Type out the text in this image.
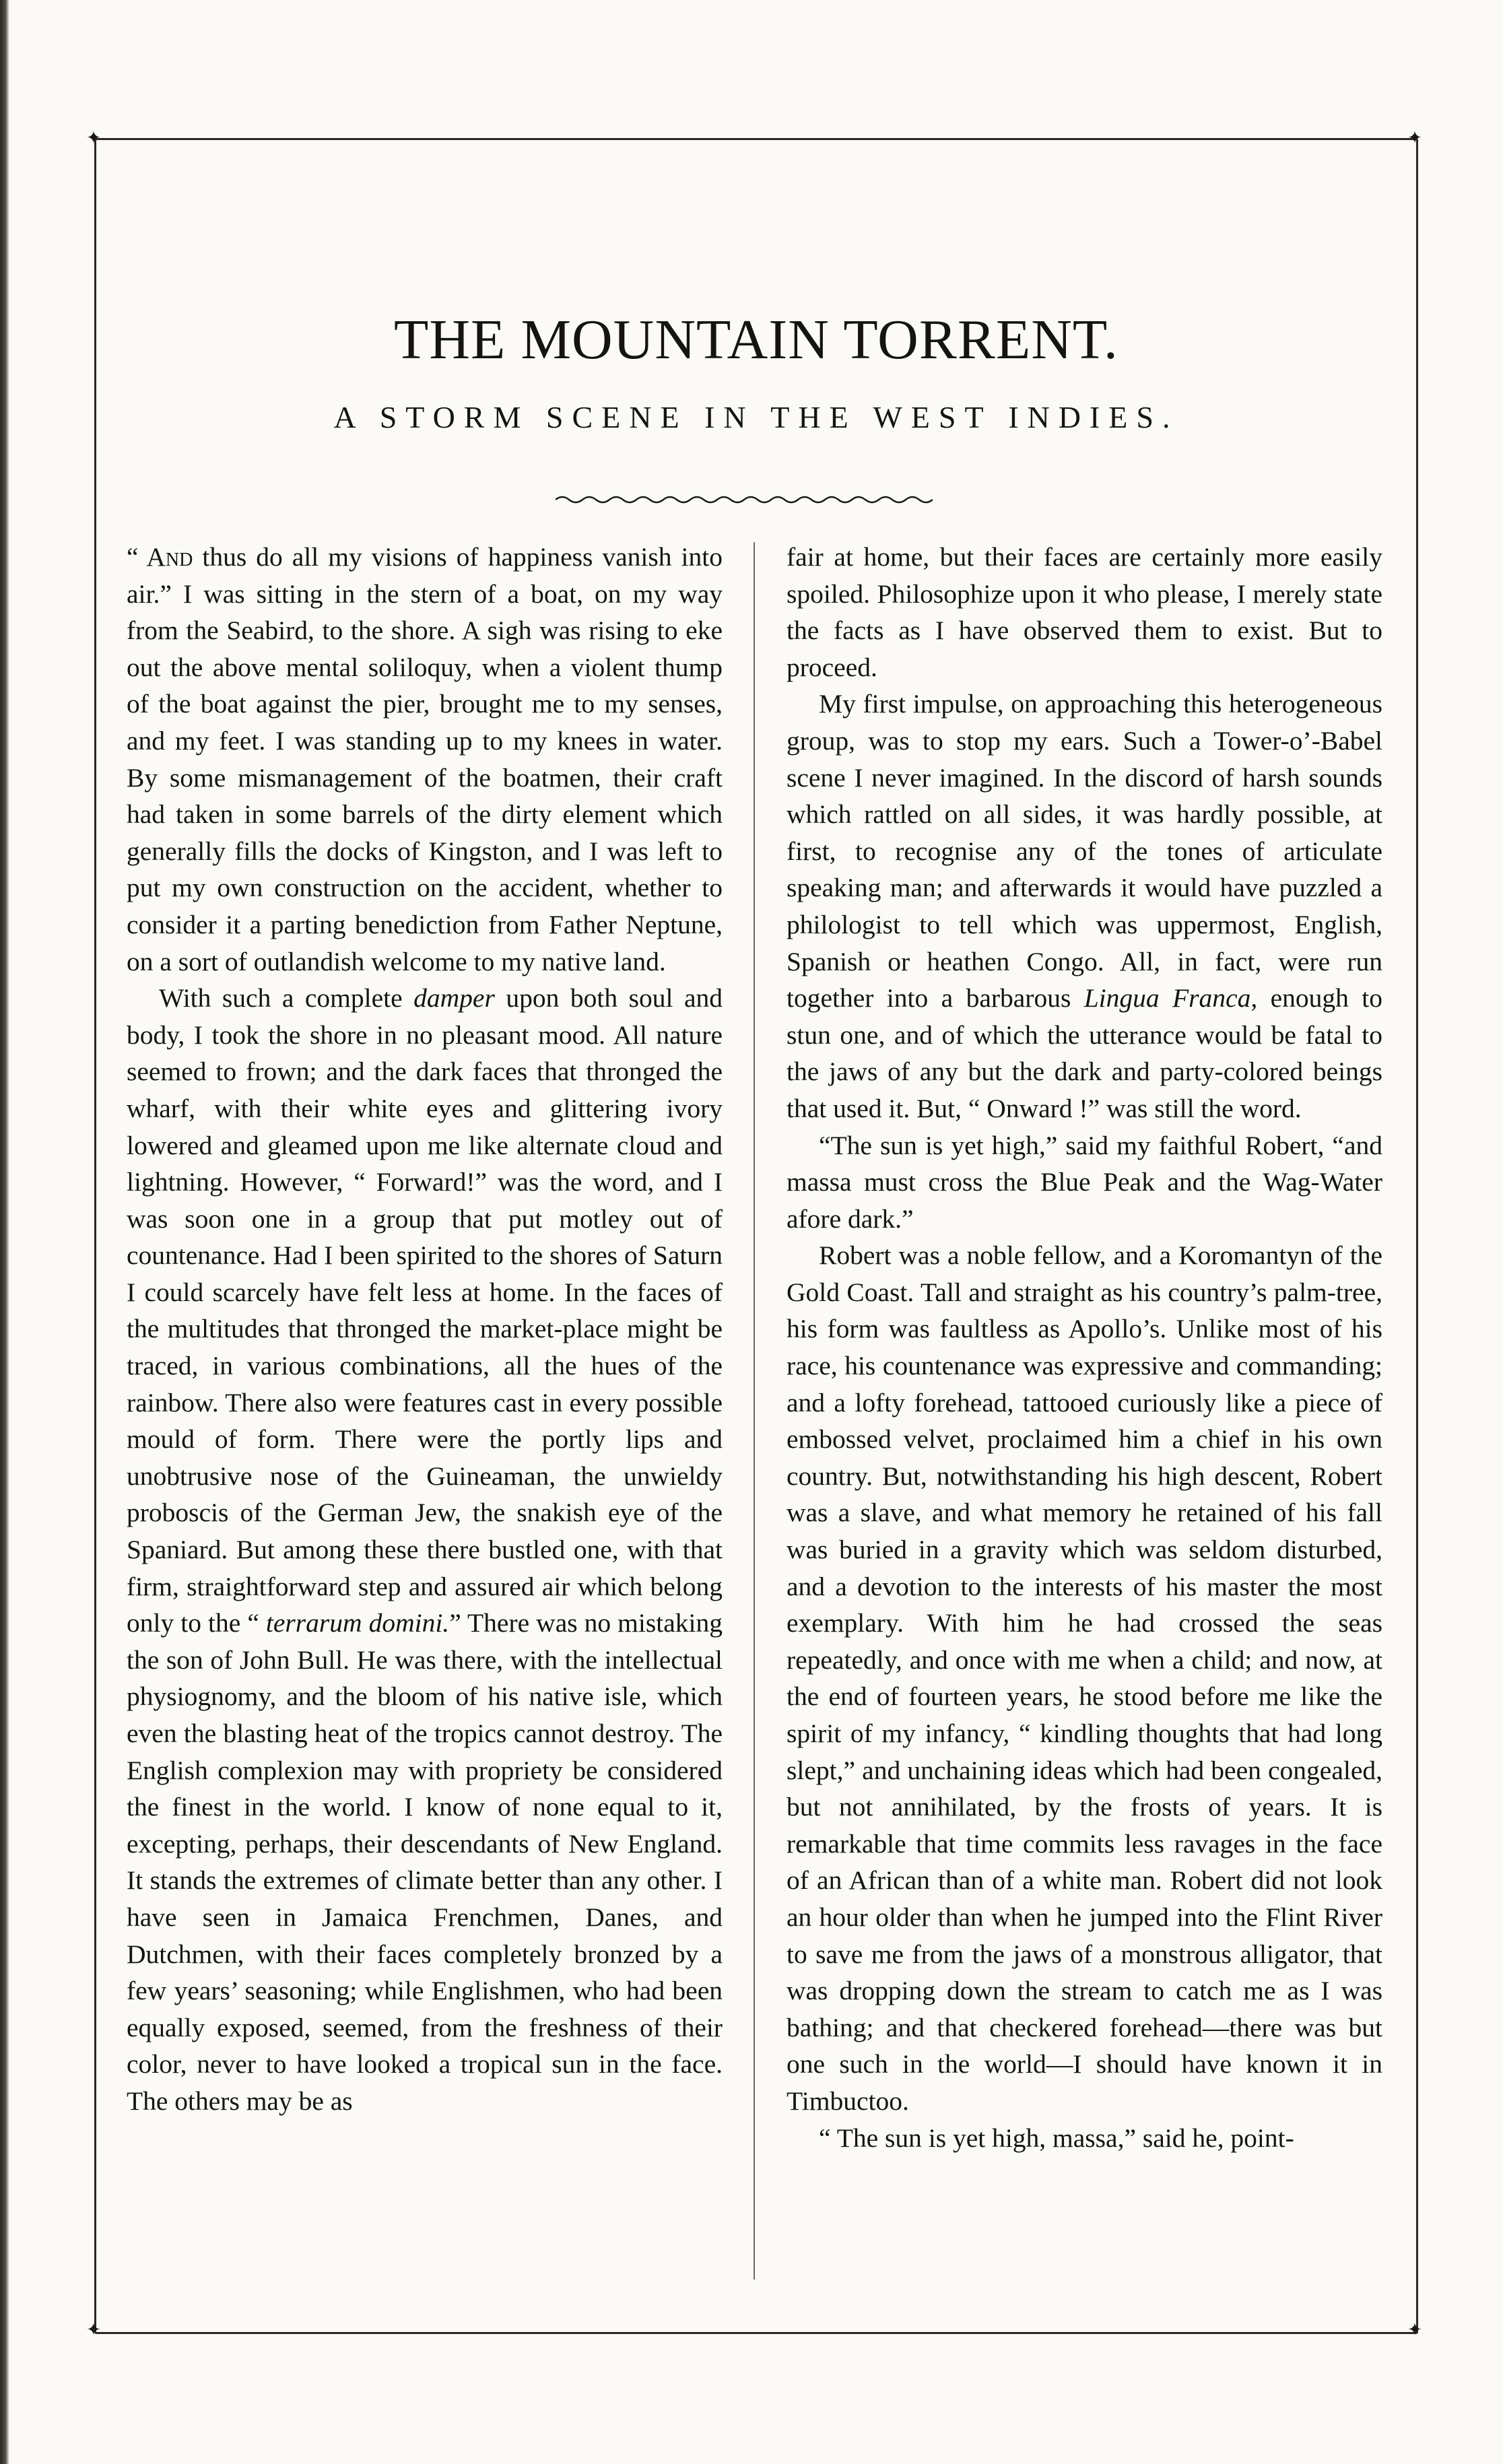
✦	✦
✦	✦
THE MOUNTAIN TORRENT.
A STORM SCENE IN THE WEST INDIES.

“ And thus do all my visions of happiness vanish into air.” I was sitting in the stern of a boat, on my way from the Seabird, to the shore. A sigh was rising to eke out the above mental soliloquy, when a violent thump of the boat against the pier, brought me to my senses, and my feet. I was standing up to my knees in water. By some mismanagement of the boatmen, their craft had taken in some barrels of the dirty element which generally fills the docks of Kingston, and I was left to put my own construction on the accident, whether to consider it a parting benediction from Father Neptune, on a sort of outlandish welcome to my native land.

With such a complete damper upon both soul and body, I took the shore in no pleasant mood. All nature seemed to frown; and the dark faces that thronged the wharf, with their white eyes and glittering ivory lowered and gleamed upon me like alternate cloud and lightning. However, “ Forward!” was the word, and I was soon one in a group that put motley out of countenance. Had I been spirited to the shores of Saturn I could scarcely have felt less at home. In the faces of the multitudes that thronged the market-place might be traced, in various combinations, all the hues of the rainbow. There also were features cast in every possible mould of form. There were the portly lips and unobtrusive nose of the Guineaman, the unwieldy proboscis of the German Jew, the snakish eye of the Spaniard. But among these there bustled one, with that firm, straightforward step and assured air which belong only to the “ terrarum domini.” There was no mistaking the son of John Bull. He was there, with the intellectual physiognomy, and the bloom of his native isle, which even the blasting heat of the tropics cannot destroy. The English complexion may with propriety be considered the finest in the world. I know of none equal to it, excepting, perhaps, their descendants of New England. It stands the extremes of climate better than any other. I have seen in Jamaica Frenchmen, Danes, and Dutchmen, with their faces completely bronzed by a few years’ seasoning; while Englishmen, who had been equally exposed, seemed, from the freshness of their color, never to have looked a tropical sun in the face. The others may be as

fair at home, but their faces are certainly more easily spoiled. Philosophize upon it who please, I merely state the facts as I have observed them to exist. But to proceed.

My first impulse, on approaching this heterogeneous group, was to stop my ears. Such a Tower-o’-Babel scene I never imagined. In the discord of harsh sounds which rattled on all sides, it was hardly possible, at first, to recognise any of the tones of articulate speaking man; and afterwards it would have puzzled a philologist to tell which was uppermost, English, Spanish or heathen Congo. All, in fact, were run together into a barbarous Lingua Franca, enough to stun one, and of which the utterance would be fatal to the jaws of any but the dark and party-colored beings that used it. But, “ Onward !” was still the word.

“The sun is yet high,” said my faithful Robert, “and massa must cross the Blue Peak and the Wag-Water afore dark.”

Robert was a noble fellow, and a Koromantyn of the Gold Coast. Tall and straight as his country’s palm-tree, his form was faultless as Apollo’s. Unlike most of his race, his countenance was expressive and commanding; and a lofty forehead, tattooed curiously like a piece of embossed velvet, proclaimed him a chief in his own country. But, notwithstanding his high descent, Robert was a slave, and what memory he retained of his fall was buried in a gravity which was seldom disturbed, and a devotion to the interests of his master the most exemplary. With him he had crossed the seas repeatedly, and once with me when a child; and now, at the end of fourteen years, he stood before me like the spirit of my infancy, “ kindling thoughts that had long slept,” and unchaining ideas which had been congealed, but not annihilated, by the frosts of years. It is remarkable that time commits less ravages in the face of an African than of a white man. Robert did not look an hour older than when he jumped into the Flint River to save me from the jaws of a monstrous alligator, that was dropping down the stream to catch me as I was bathing; and that checkered forehead—there was but one such in the world—I should have known it in Timbuctoo.

“ The sun is yet high, massa,” said he, point-
